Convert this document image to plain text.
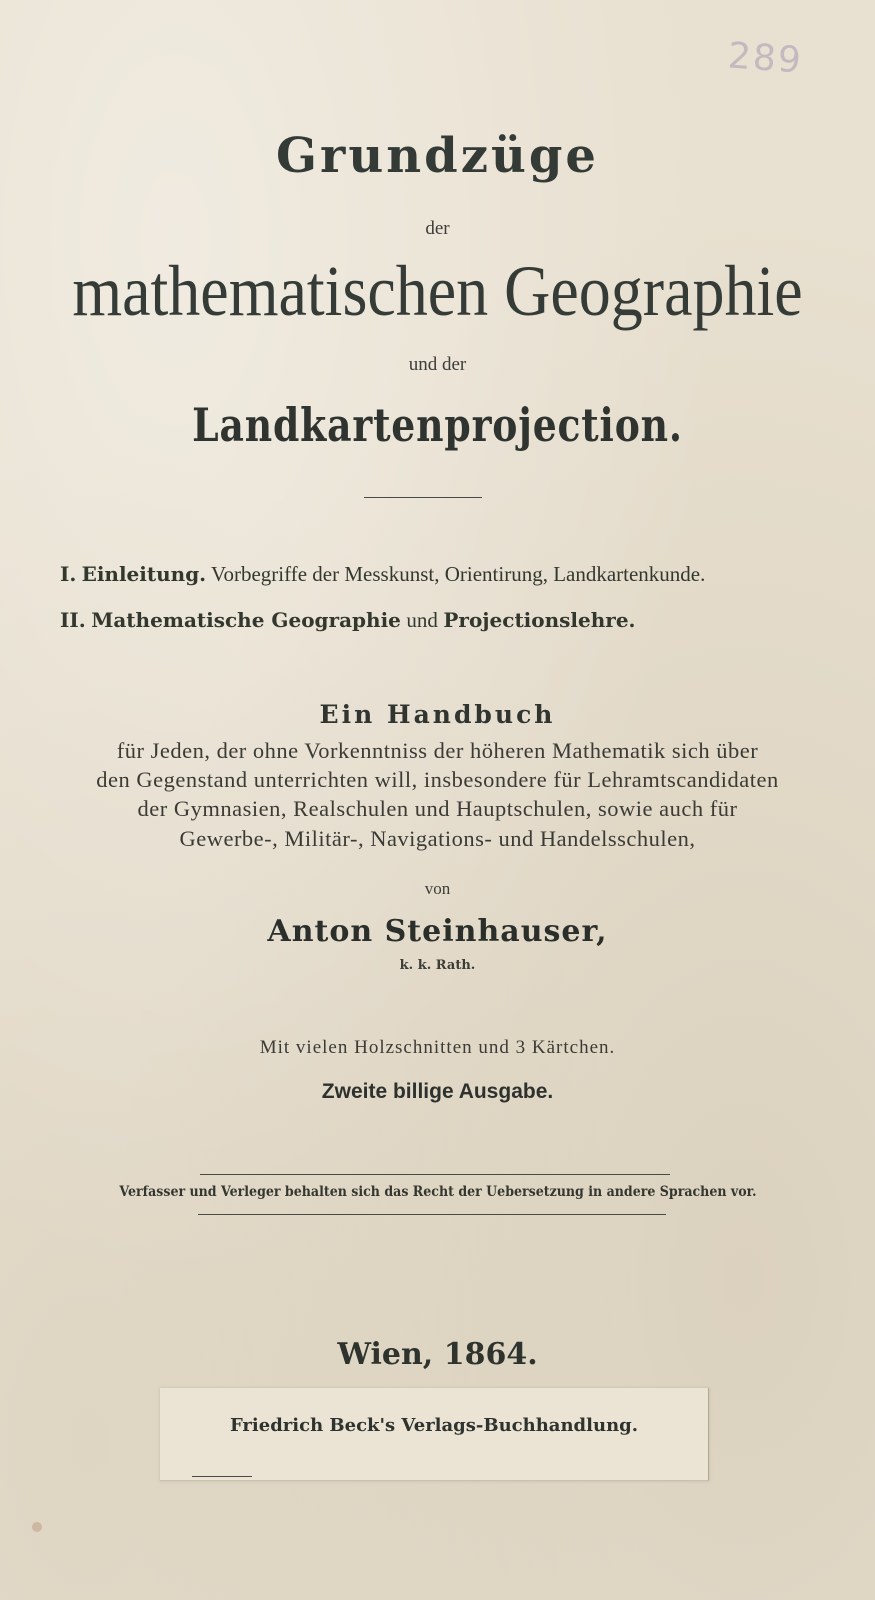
289
Grundzüge
der
mathematischen Geographie
und der
Landkartenprojection.
I. Einleitung. Vorbegriffe der Messkunst, Orientirung, Landkartenkunde.
II. Mathematische Geographie und Projectionslehre.
Ein Handbuch
für Jeden, der ohne Vorkenntniss der höheren Mathematik sich über
den Gegenstand unterrichten will, insbesondere für Lehramtscandidaten
der Gymnasien, Realschulen und Hauptschulen, sowie auch für
Gewerbe-, Militär-, Navigations- und Handelsschulen,
von
Anton Steinhauser,
k. k. Rath.
Mit vielen Holzschnitten und 3 Kärtchen.
Zweite billige Ausgabe.
Verfasser und Verleger behalten sich das Recht der Uebersetzung in andere Sprachen vor.
Wien, 1864.
Friedrich Beck's Verlags-Buchhandlung.
